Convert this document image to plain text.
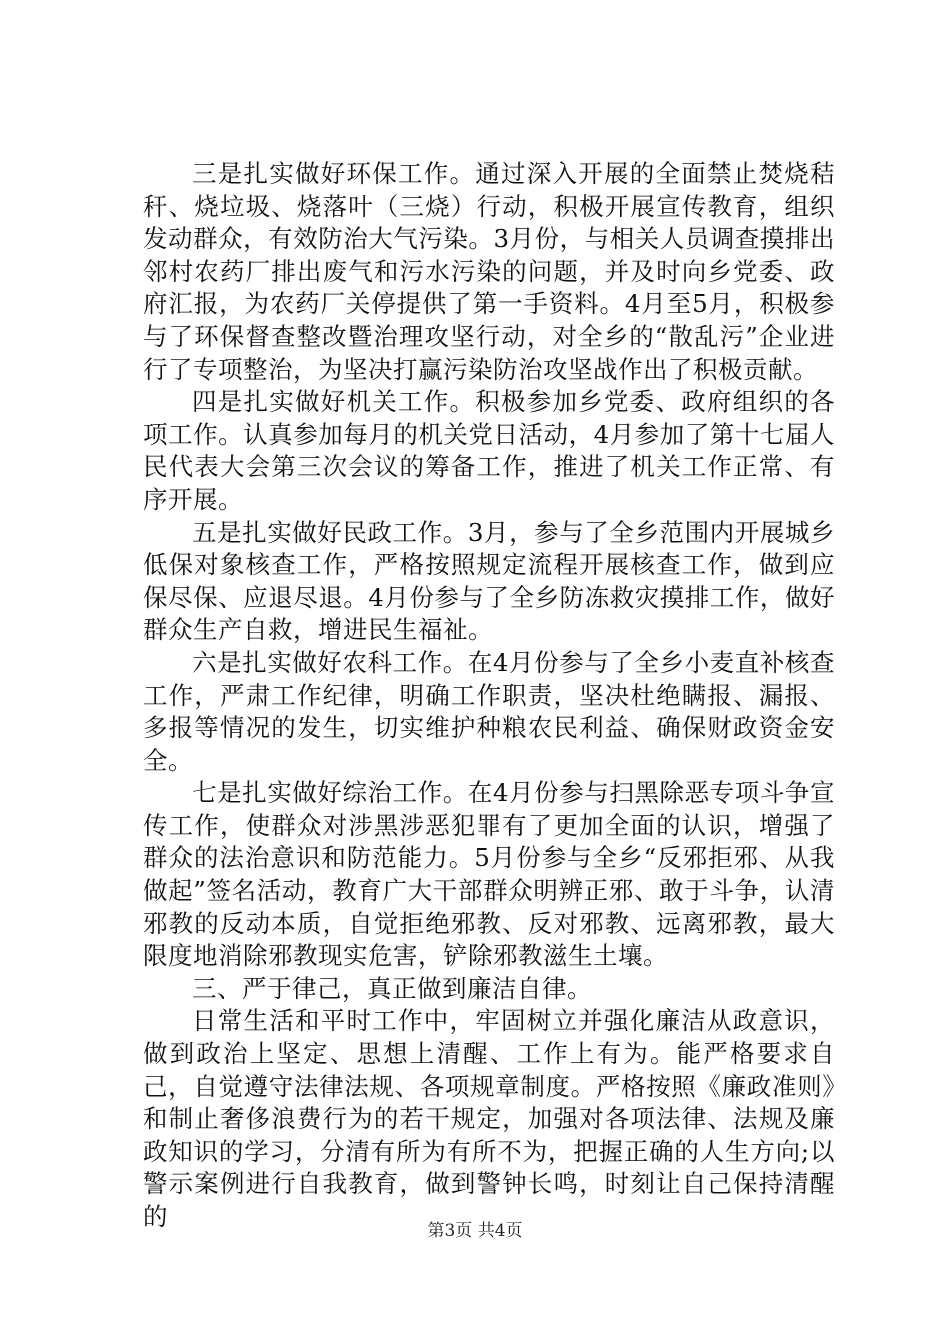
三是扎实做好环保工作。通过深入开展的全面禁止焚烧秸秆、烧垃圾、烧落叶（三烧）行动，积极开展宣传教育，组织发动群众，有效防治大气污染。3月份，与相关人员调查摸排出邻村农药厂排出废气和污水污染的问题，并及时向乡党委、政府汇报，为农药厂关停提供了第一手资料。4月至5月，积极参与了环保督查整改暨治理攻坚行动，对全乡的“散乱污”企业进行了专项整治，为坚决打赢污染防治攻坚战作出了积极贡献。

四是扎实做好机关工作。积极参加乡党委、政府组织的各项工作。认真参加每月的机关党日活动，4月参加了第十七届人民代表大会第三次会议的筹备工作，推进了机关工作正常、有序开展。

五是扎实做好民政工作。3月，参与了全乡范围内开展城乡低保对象核查工作，严格按照规定流程开展核查工作，做到应保尽保、应退尽退。4月份参与了全乡防冻救灾摸排工作，做好群众生产自救，增进民生福祉。

六是扎实做好农科工作。在4月份参与了全乡小麦直补核查工作，严肃工作纪律，明确工作职责，坚决杜绝瞒报、漏报、多报等情况的发生，切实维护种粮农民利益、确保财政资金安全。

七是扎实做好综治工作。在4月份参与扫黑除恶专项斗争宣传工作，使群众对涉黑涉恶犯罪有了更加全面的认识，增强了群众的法治意识和防范能力。5月份参与全乡“反邪拒邪、从我做起”签名活动，教育广大干部群众明辨正邪、敢于斗争，认清邪教的反动本质，自觉拒绝邪教、反对邪教、远离邪教，最大限度地消除邪教现实危害，铲除邪教滋生土壤。

三、严于律己，真正做到廉洁自律。

日常生活和平时工作中，牢固树立并强化廉洁从政意识，做到政治上坚定、思想上清醒、工作上有为。能严格要求自己，自觉遵守法律法规、各项规章制度。严格按照《廉政准则》和制止奢侈浪费行为的若干规定，加强对各项法律、法规及廉政知识的学习，分清有所为有所不为，把握正确的人生方向;以警示案例进行自我教育，做到警钟长鸣，时刻让自己保持清醒的	第3页 共4页
